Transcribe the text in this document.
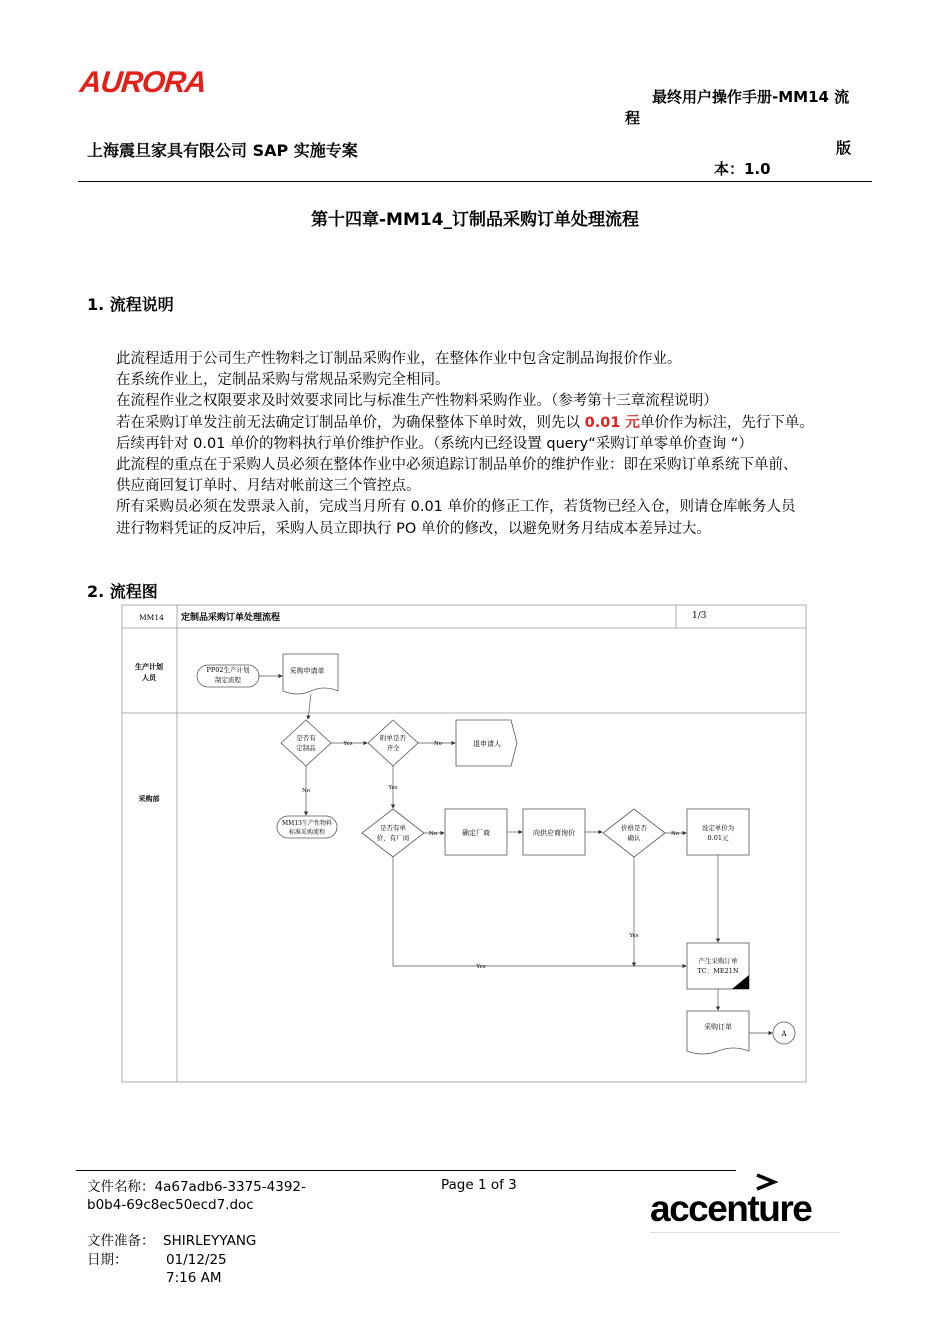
AURORA	最终用户操作手册-MM14 流
程
上海震旦家具有限公司 SAP 实施专案	版
本：1.0
第十四章-MM14_订制品采购订单处理流程
1. 流程说明
此流程适用于公司生产性物料之订制品采购作业，在整体作业中包含定制品询报价作业。
在系统作业上，定制品采购与常规品采购完全相同。
在流程作业之权限要求及时效要求同比与标准生产性物料采购作业。（参考第十三章流程说明）
若在采购订单发注前无法确定订制品单价，为确保整体下单时效，则先以 0.01 元单价作为标注，先行下单。
后续再针对 0.01 单价的物料执行单价维护作业。（系统内已经设置 query“采购订单零单价查询 “）
此流程的重点在于采购人员必须在整体作业中必须追踪订制品单价的维护作业：即在采购订单系统下单前、
供应商回复订单时、月结对帐前这三个管控点。
所有采购员必须在发票录入前，完成当月所有 0.01 单价的修正工作，若货物已经入仓，则请仓库帐务人员
进行物料凭证的反冲后，采购人员立即执行 PO 单价的修改，以避免财务月结成本差异过大。
2. 流程图
MM14 定制品采购订单处理流程	1/3
生产计划
人员
采购部
PP02生产计划
制定流程
采购申请单
是否有
定制品
附单是否
齐全	退申请人
MM13生产性物料
标准采购流程
是否有单
价、有厂商
确定厂商	向供应商询价
价格是否
确认
设定单价为
0.01元
产生采购订单
TC：ME21N
采购订单
A
Yes	No
No	Yes
No	No
Yes
Yes
文件名称：4a67adb6-3375-4392-
b0b4-69c8ec50ecd7.doc
Page 1 of 3
文件准备： SHIRLEYYANG
日期：	01/12/25 7:16 AM
accenture
